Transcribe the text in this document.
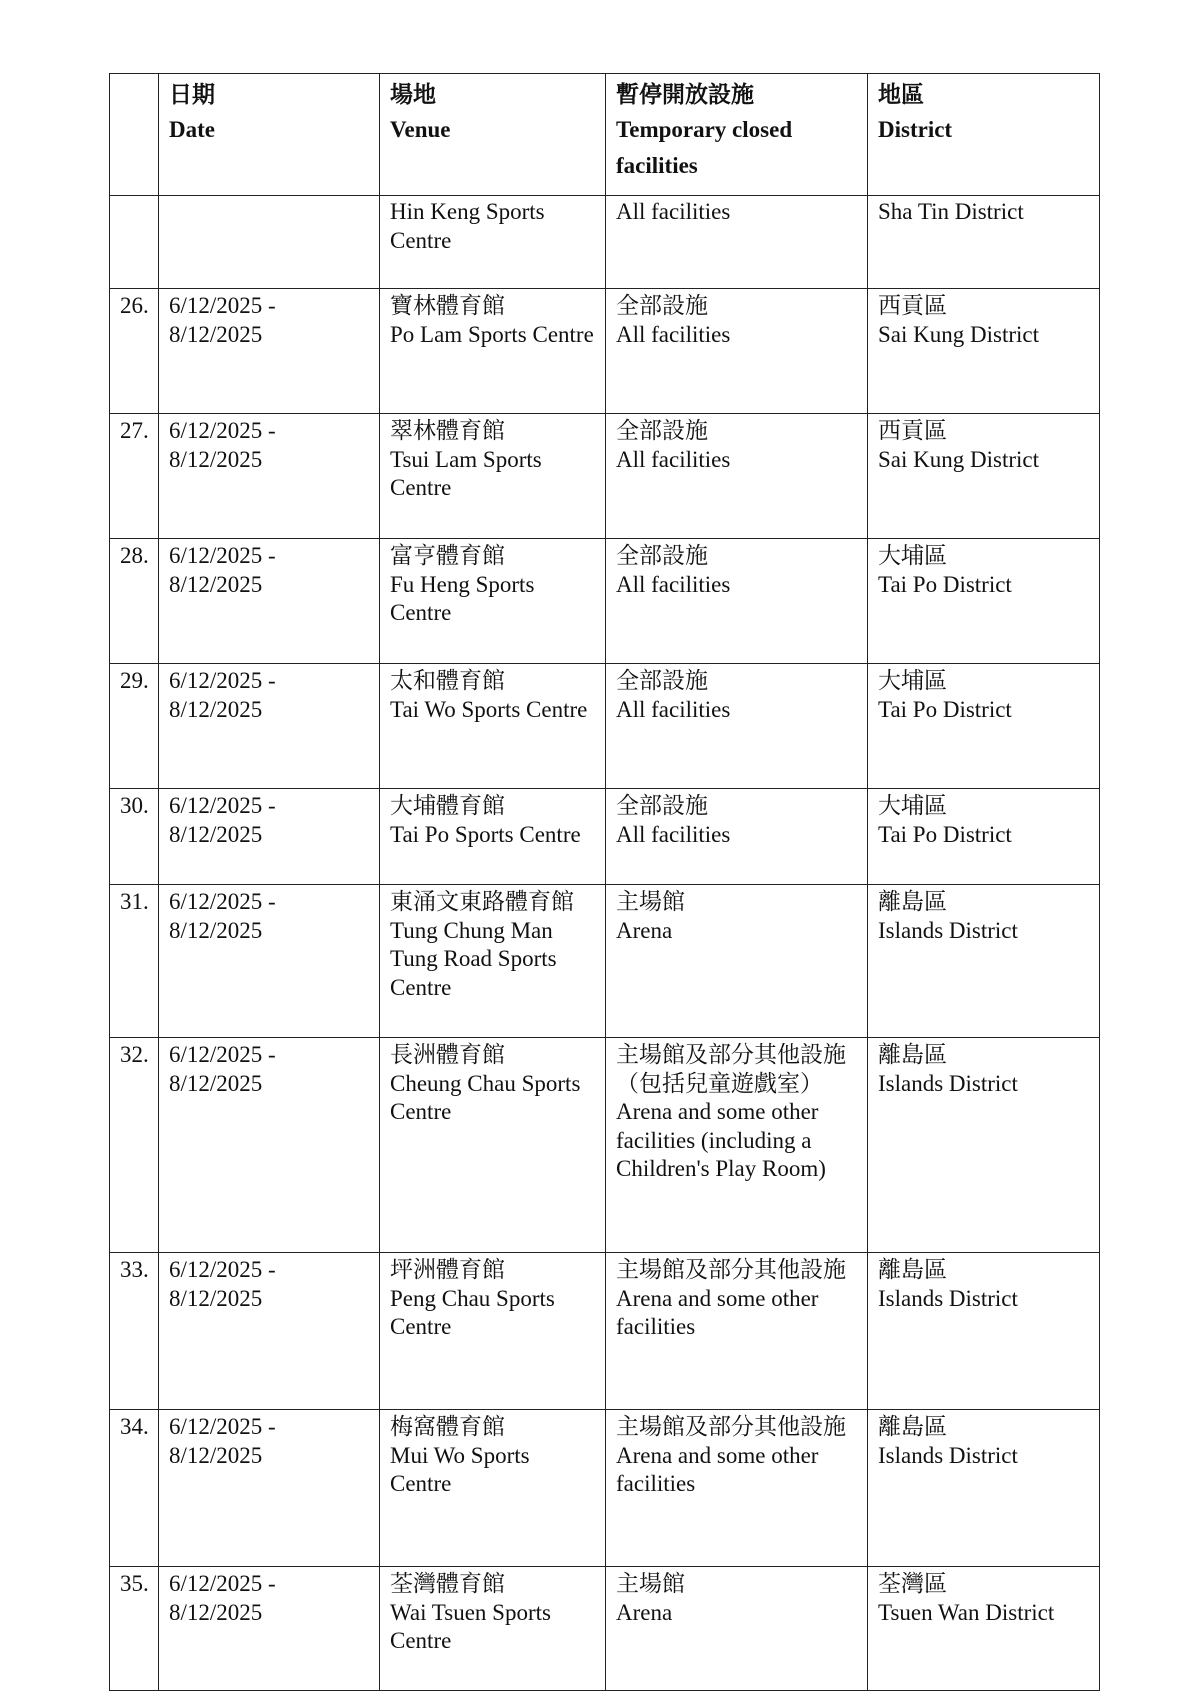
	日期
Date	場地
Venue	暫停開放設施
Temporary closed facilities	地區
District

		Hin Keng Sports Centre	All facilities	Sha Tin District

26.	6/12/2025 - 8/12/2025	寶林體育館
Po Lam Sports Centre	全部設施
All facilities	西貢區
Sai Kung District

27.	6/12/2025 - 8/12/2025	翠林體育館
Tsui Lam Sports Centre	全部設施
All facilities	西貢區
Sai Kung District

28.	6/12/2025 - 8/12/2025	富亨體育館
Fu Heng Sports Centre	全部設施
All facilities	大埔區
Tai Po District

29.	6/12/2025 - 8/12/2025	太和體育館
Tai Wo Sports Centre	全部設施
All facilities	大埔區
Tai Po District

30.	6/12/2025 - 8/12/2025	大埔體育館
Tai Po Sports Centre	全部設施
All facilities	大埔區
Tai Po District

31.	6/12/2025 - 8/12/2025	東涌文東路體育館
Tung Chung Man Tung Road Sports Centre	主場館
Arena	離島區
Islands District

32.	6/12/2025 - 8/12/2025	長洲體育館
Cheung Chau Sports Centre	主場館及部分其他設施（包括兒童遊戲室）
Arena and some other facilities (including a Children's Play Room)	離島區
Islands District

33.	6/12/2025 - 8/12/2025	坪洲體育館
Peng Chau Sports Centre	主場館及部分其他設施
Arena and some other facilities	離島區
Islands District

34.	6/12/2025 - 8/12/2025	梅窩體育館
Mui Wo Sports Centre	主場館及部分其他設施
Arena and some other facilities	離島區
Islands District

35.	6/12/2025 - 8/12/2025	荃灣體育館
Wai Tsuen Sports Centre	主場館
Arena	荃灣區
Tsuen Wan District
